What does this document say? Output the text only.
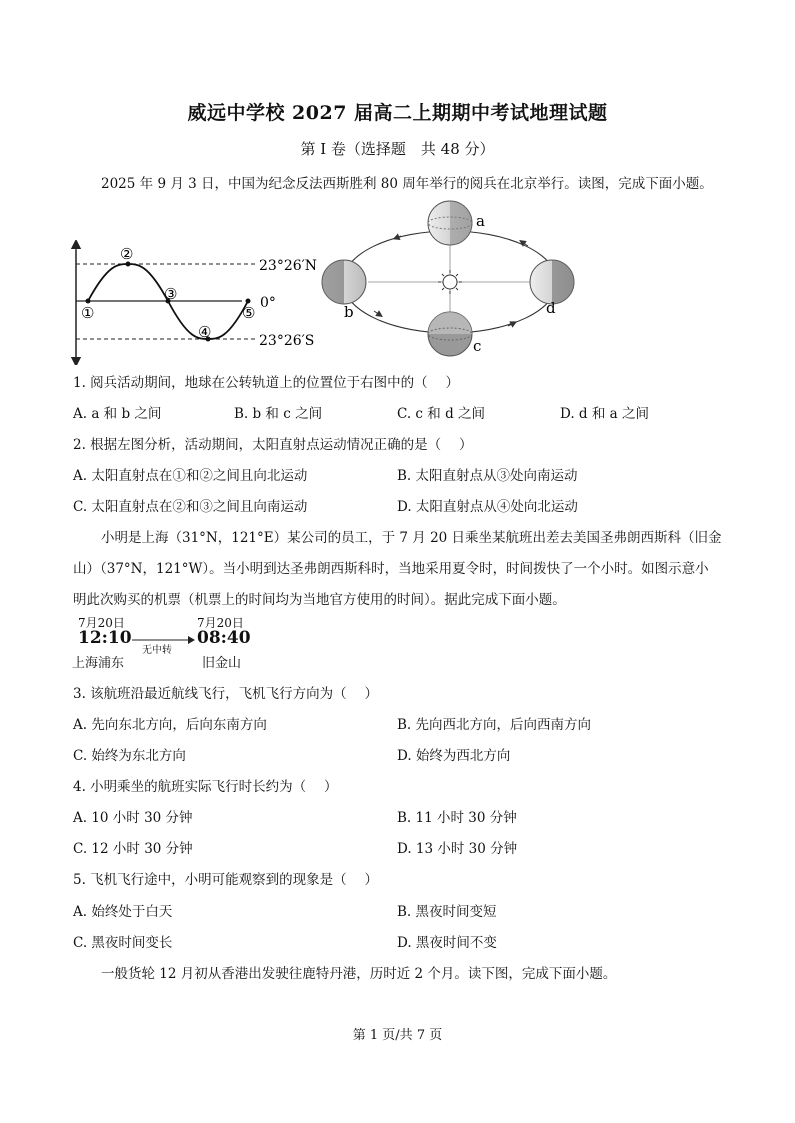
威远中学校 2027 届高二上期期中考试地理试题
第 I 卷（选择题　共 48 分）
2025 年 9 月 3 日，中国为纪念反法西斯胜利 80 周年举行的阅兵在北京举行。读图，完成下面小题。
①
②
③
④
⑤
23°26′N
0°
23°26′S
a
b
c
d
1. 阅兵活动期间，地球在公转轨道上的位置位于右图中的（　 ）
A. a 和 b 之间	B. b 和 c 之间	C. c 和 d 之间	D. d 和 a 之间
2. 根据左图分析，活动期间，太阳直射点运动情况正确的是（　 ）
A. 太阳直射点在①和②之间且向北运动	B. 太阳直射点从③处向南运动
C. 太阳直射点在②和③之间且向南运动	D. 太阳直射点从④处向北运动
小明是上海（31°N，121°E）某公司的员工，于 7 月 20 日乘坐某航班出差去美国圣弗朗西斯科（旧金
山）（37°N，121°W）。当小明到达圣弗朗西斯科时，当地采用夏令时，时间拨快了一个小时。如图示意小
明此次购买的机票（机票上的时间均为当地官方使用的时间）。据此完成下面小题。
7月20日
12:10
上海浦东
无中转
7月20日
08:40
旧金山
3. 该航班沿最近航线飞行，飞机飞行方向为（　 ）
A. 先向东北方向，后向东南方向	B. 先向西北方向，后向西南方向
C. 始终为东北方向	D. 始终为西北方向
4. 小明乘坐的航班实际飞行时长约为（　 ）
A. 10 小时 30 分钟	B. 11 小时 30 分钟
C. 12 小时 30 分钟	D. 13 小时 30 分钟
5. 飞机飞行途中，小明可能观察到的现象是（　 ）
A. 始终处于白天	B. 黑夜时间变短
C. 黑夜时间变长	D. 黑夜时间不变
一般货轮 12 月初从香港出发驶往鹿特丹港，历时近 2 个月。读下图，完成下面小题。
第 1 页/共 7 页
